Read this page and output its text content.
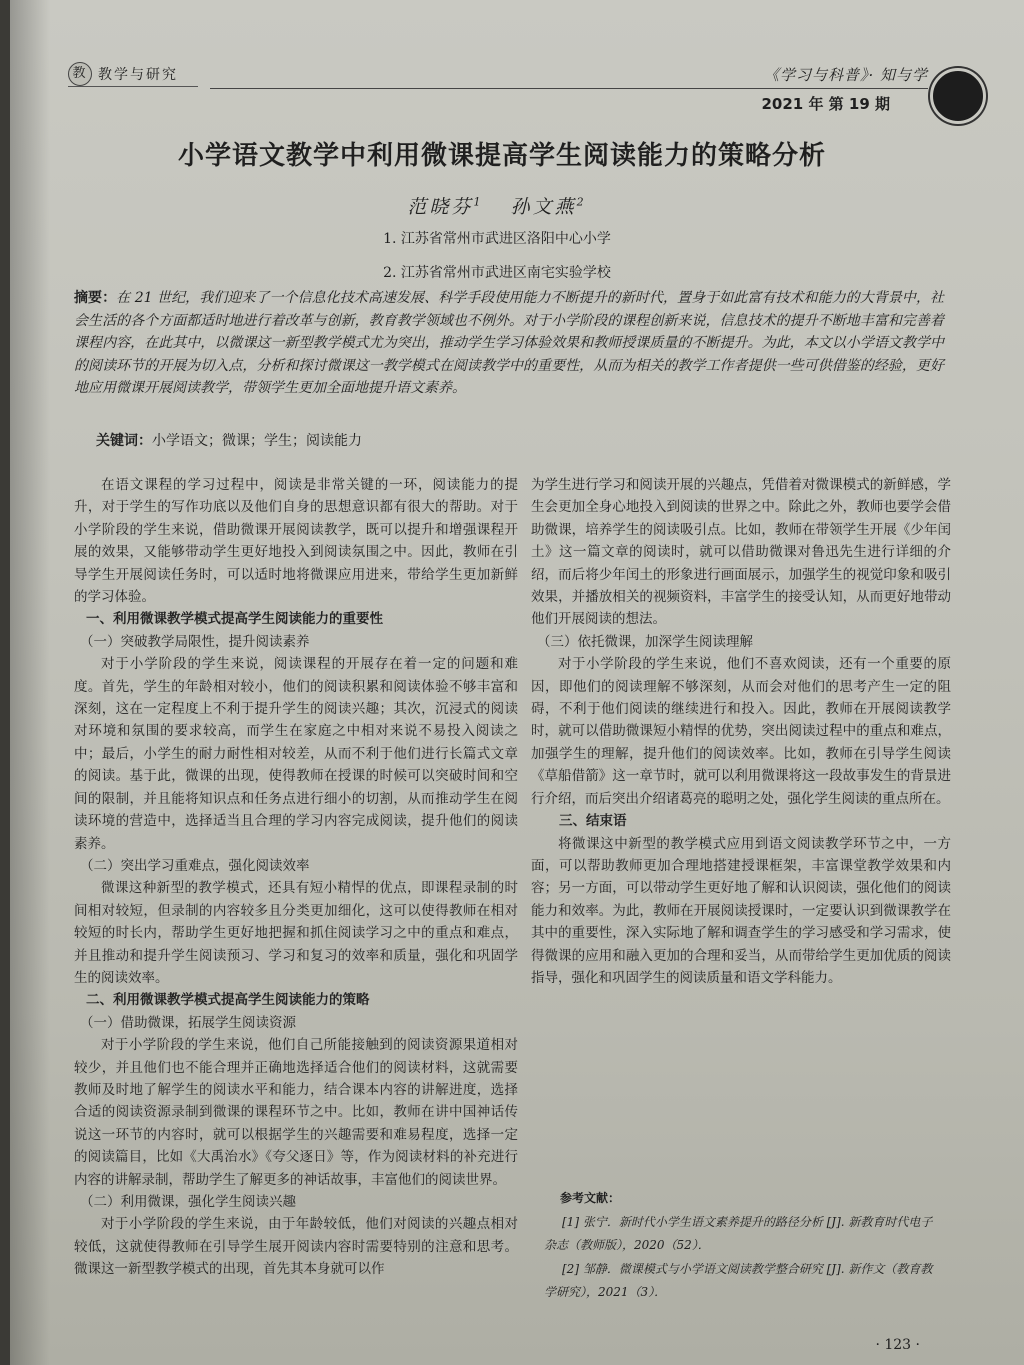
教 教学与研究	《学习与科普》· 知与学
2021 年 第 19 期
小学语文教学中利用微课提高学生阅读能力的策略分析
范晓芬$^1$ 孙文燕$^2$
1. 江苏省常州市武进区洛阳中心小学
2. 江苏省常州市武进区南宅实验学校
摘要：在 21 世纪，我们迎来了一个信息化技术高速发展、科学手段使用能力不断提升的新时代，置身于如此富有技术和能力的大背景中，社会生活的各个方面都适时地进行着改革与创新，教育教学领域也不例外。对于小学阶段的课程创新来说，信息技术的提升不断地丰富和完善着课程内容，在此其中，以微课这一新型教学模式尤为突出，推动学生学习体验效果和教师授课质量的不断提升。为此，本文以小学语文教学中的阅读环节的开展为切入点，分析和探讨微课这一教学模式在阅读教学中的重要性，从而为相关的教学工作者提供一些可供借鉴的经验，更好地应用微课开展阅读教学，带领学生更加全面地提升语文素养。
关键词：小学语文；微课；学生；阅读能力

在语文课程的学习过程中，阅读是非常关键的一环，阅读能力的提升，对于学生的写作功底以及他们自身的思想意识都有很大的帮助。对于小学阶段的学生来说，借助微课开展阅读教学，既可以提升和增强课程开展的效果，又能够带动学生更好地投入到阅读氛围之中。因此，教师在引导学生开展阅读任务时，可以适时地将微课应用进来，带给学生更加新鲜的学习体验。

一、利用微课教学模式提高学生阅读能力的重要性

（一）突破教学局限性，提升阅读素养

对于小学阶段的学生来说，阅读课程的开展存在着一定的问题和难度。首先，学生的年龄相对较小，他们的阅读积累和阅读体验不够丰富和深刻，这在一定程度上不利于提升学生的阅读兴趣；其次，沉浸式的阅读对环境和氛围的要求较高，而学生在家庭之中相对来说不易投入阅读之中；最后，小学生的耐力耐性相对较差，从而不利于他们进行长篇式文章的阅读。基于此，微课的出现，使得教师在授课的时候可以突破时间和空间的限制，并且能将知识点和任务点进行细小的切割，从而推动学生在阅读环境的营造中，选择适当且合理的学习内容完成阅读，提升他们的阅读素养。

（二）突出学习重难点，强化阅读效率

微课这种新型的教学模式，还具有短小精悍的优点，即课程录制的时间相对较短，但录制的内容较多且分类更加细化，这可以使得教师在相对较短的时长内，帮助学生更好地把握和抓住阅读学习之中的重点和难点，并且推动和提升学生阅读预习、学习和复习的效率和质量，强化和巩固学生的阅读效率。

二、利用微课教学模式提高学生阅读能力的策略

（一）借助微课，拓展学生阅读资源

对于小学阶段的学生来说，他们自己所能接触到的阅读资源果道相对较少，并且他们也不能合理并正确地选择适合他们的阅读材料，这就需要教师及时地了解学生的阅读水平和能力，结合课本内容的讲解进度，选择合适的阅读资源录制到微课的课程环节之中。比如，教师在讲中国神话传说这一环节的内容时，就可以根据学生的兴趣需要和难易程度，选择一定的阅读篇目，比如《大禹治水》《夸父逐日》等，作为阅读材料的补充进行内容的讲解录制，帮助学生了解更多的神话故事，丰富他们的阅读世界。

（二）利用微课，强化学生阅读兴趣

对于小学阶段的学生来说，由于年龄较低，他们对阅读的兴趣点相对较低，这就使得教师在引导学生展开阅读内容时需要特别的注意和思考。微课这一新型教学模式的出现，首先其本身就可以作

为学生进行学习和阅读开展的兴趣点，凭借着对微课模式的新鲜感，学生会更加全身心地投入到阅读的世界之中。除此之外，教师也要学会借助微课，培养学生的阅读吸引点。比如，教师在带领学生开展《少年闰土》这一篇文章的阅读时，就可以借助微课对鲁迅先生进行详细的介绍，而后将少年闰土的形象进行画面展示，加强学生的视觉印象和吸引效果，并播放相关的视频资料，丰富学生的接受认知，从而更好地带动他们开展阅读的想法。

（三）依托微课，加深学生阅读理解

对于小学阶段的学生来说，他们不喜欢阅读，还有一个重要的原因，即他们的阅读理解不够深刻，从而会对他们的思考产生一定的阻碍，不利于他们阅读的继续进行和投入。因此，教师在开展阅读教学时，就可以借助微课短小精悍的优势，突出阅读过程中的重点和难点，加强学生的理解，提升他们的阅读效率。比如，教师在引导学生阅读《草船借箭》这一章节时，就可以利用微课将这一段故事发生的背景进行介绍，而后突出介绍诸葛亮的聪明之处，强化学生阅读的重点所在。

三、结束语

将微课这中新型的教学模式应用到语文阅读教学环节之中，一方面，可以帮助教师更加合理地搭建授课框架，丰富课堂教学效果和内容；另一方面，可以带动学生更好地了解和认识阅读，强化他们的阅读能力和效率。为此，教师在开展阅读授课时，一定要认识到微课教学在其中的重要性，深入实际地了解和调查学生的学习感受和学习需求，使得微课的应用和融入更加的合理和妥当，从而带给学生更加优质的阅读指导，强化和巩固学生的阅读质量和语文学科能力。

参考文献：

[1] 张宁．新时代小学生语文素养提升的路径分析 [J]. 新教育时代电子杂志（教师版），2020（52）．

[2] 邹静．微课模式与小学语文阅读教学整合研究 [J]. 新作文（教育教学研究），2021（3）．

· 123 ·
